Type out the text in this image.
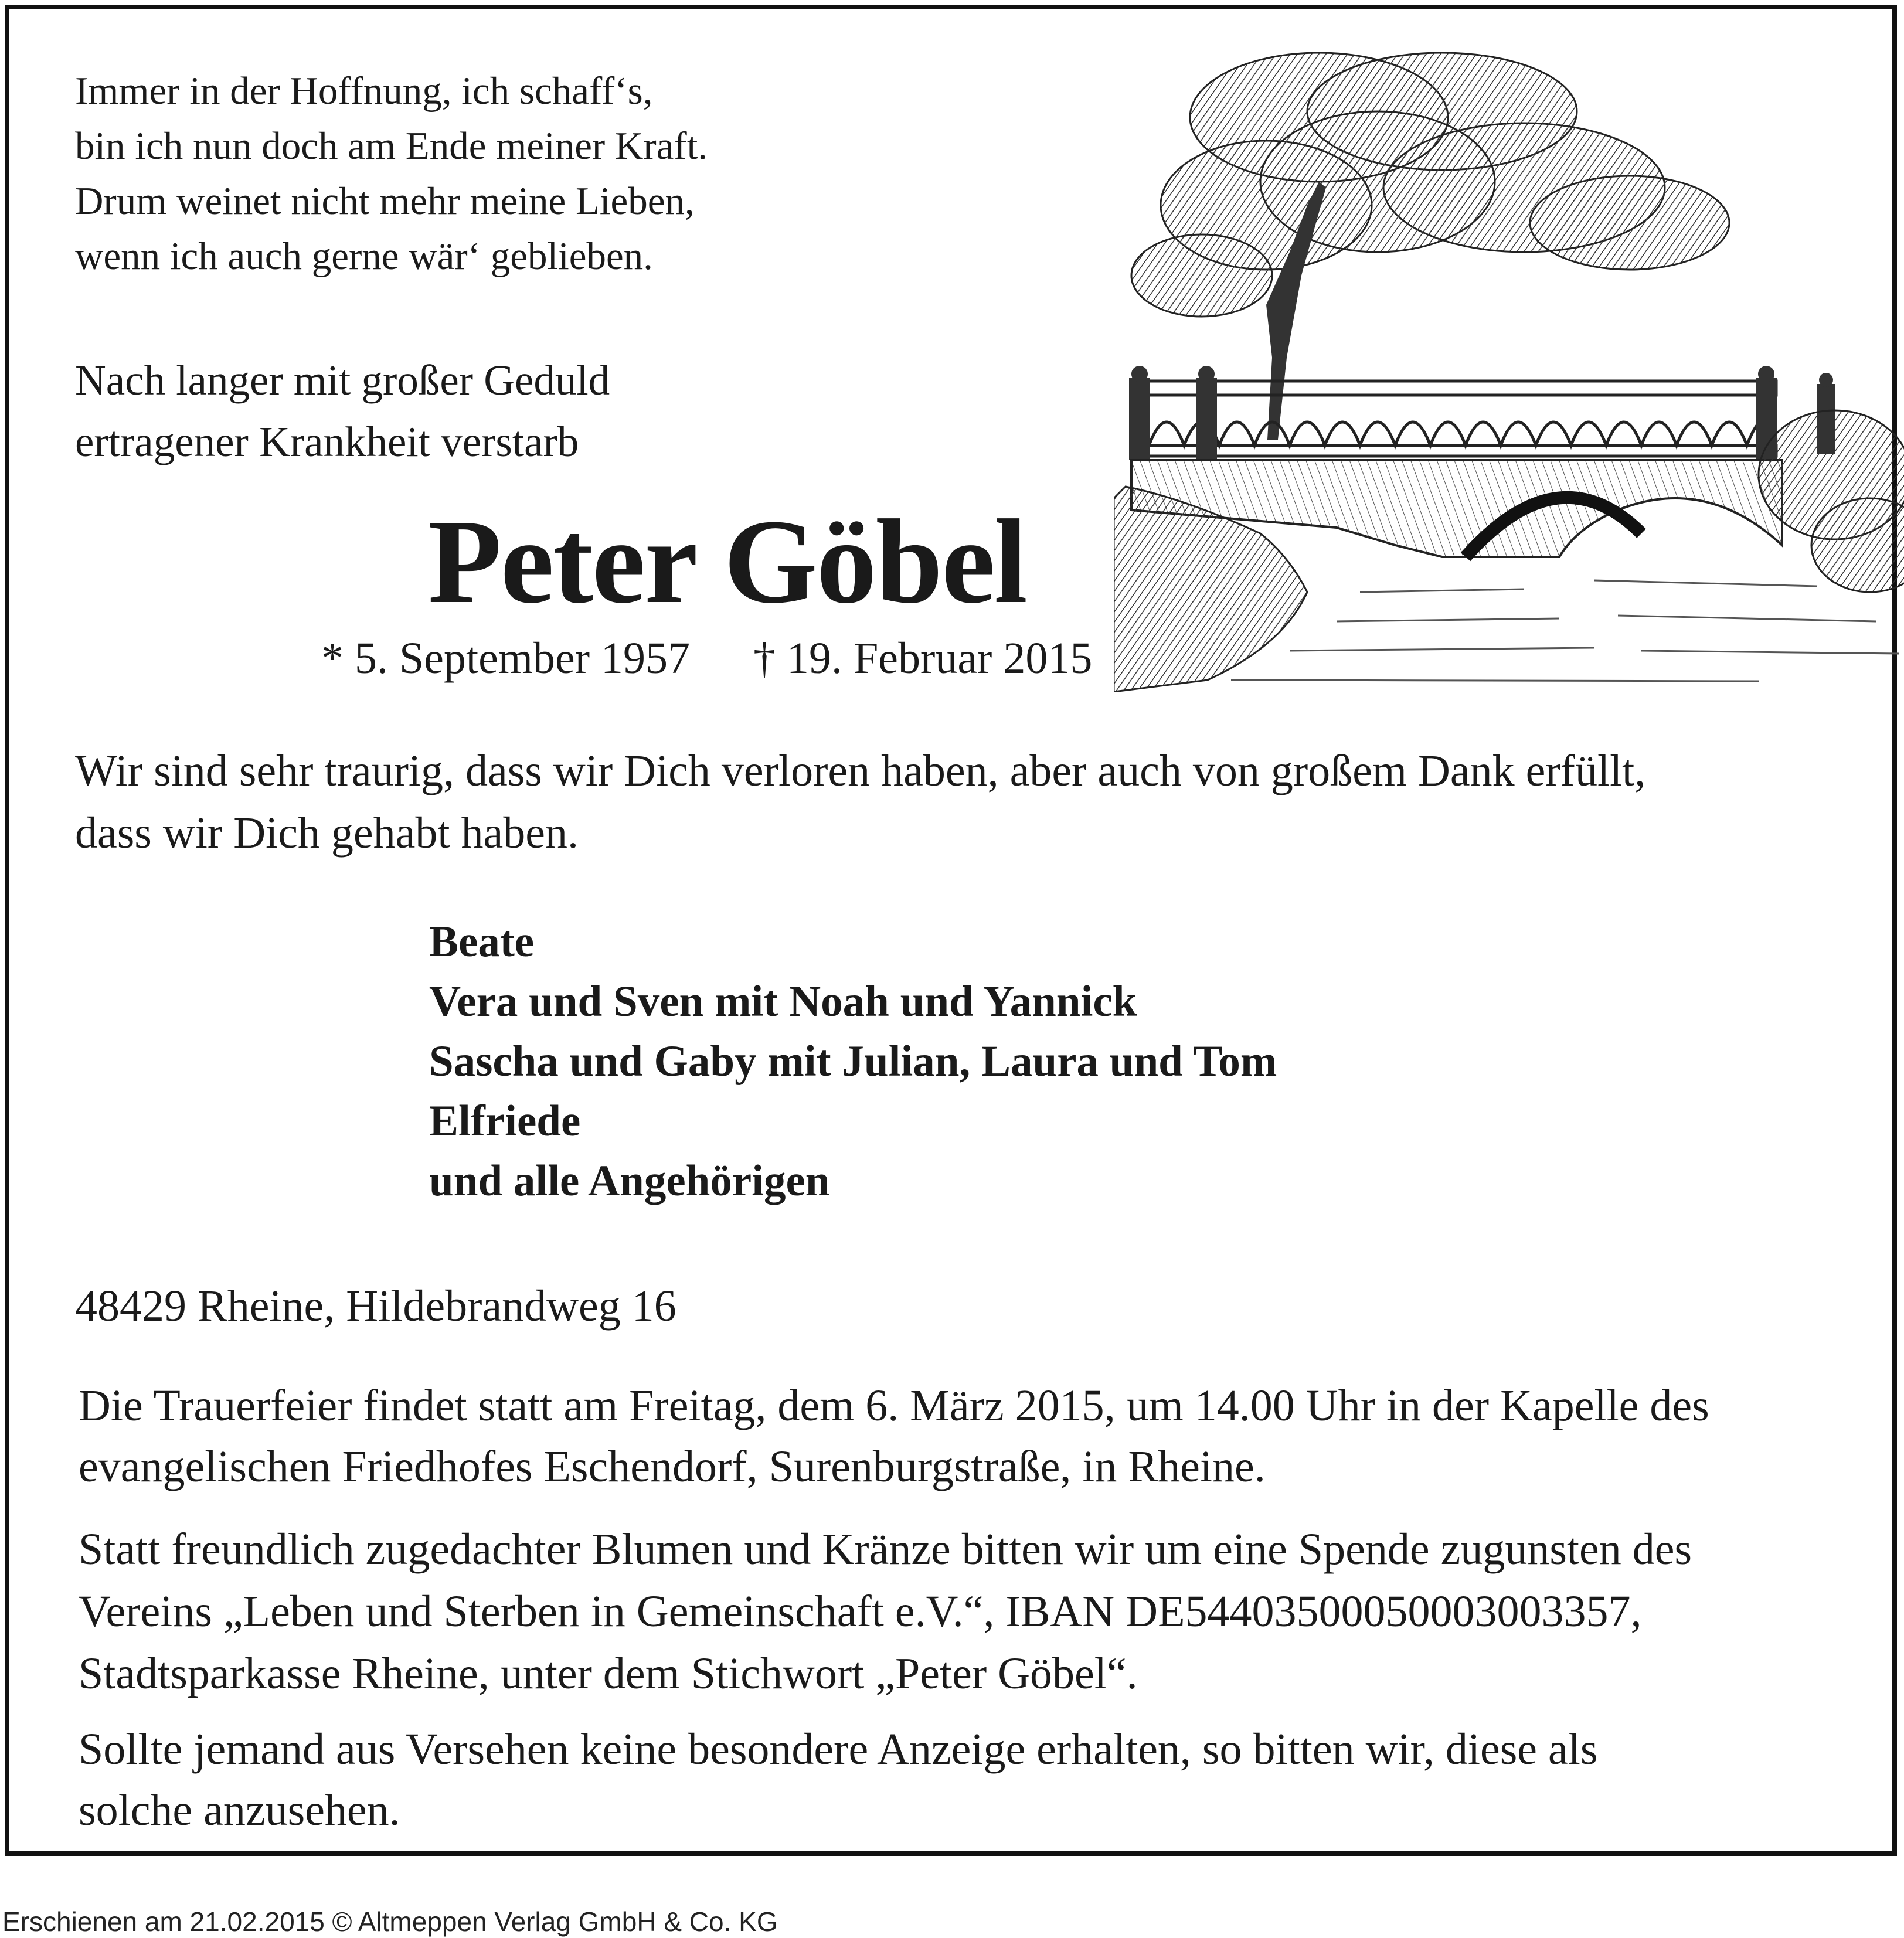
Immer in der Hoffnung, ich schaff‘s,
bin ich nun doch am Ende meiner Kraft.
Drum weinet nicht mehr meine Lieben,
wenn ich auch gerne wär‘ geblieben.
Nach langer mit großer Geduld
ertragener Krankheit verstarb
Peter Göbel
* 5. September 1957 † 19. Februar 2015
Wir sind sehr traurig, dass wir Dich verloren haben, aber auch von großem Dank erfüllt,
dass wir Dich gehabt haben.
Beate
Vera und Sven mit Noah und Yannick
Sascha und Gaby mit Julian, Laura und Tom
Elfriede
und alle Angehörigen
48429 Rheine, Hildebrandweg 16
Die Trauerfeier findet statt am Freitag, dem 6. März 2015, um 14.00 Uhr in der Kapelle des
evangelischen Friedhofes Eschendorf, Surenburgstraße, in Rheine.
Statt freundlich zugedachter Blumen und Kränze bitten wir um eine Spende zugunsten des
Vereins „Leben und Sterben in Gemeinschaft e.V.“, IBAN DE54403500050003003357,
Stadtsparkasse Rheine, unter dem Stichwort „Peter Göbel“.
Sollte jemand aus Versehen keine besondere Anzeige erhalten, so bitten wir, diese als
solche anzusehen.
Erschienen am 21.02.2015 © Altmeppen Verlag GmbH & Co. KG
